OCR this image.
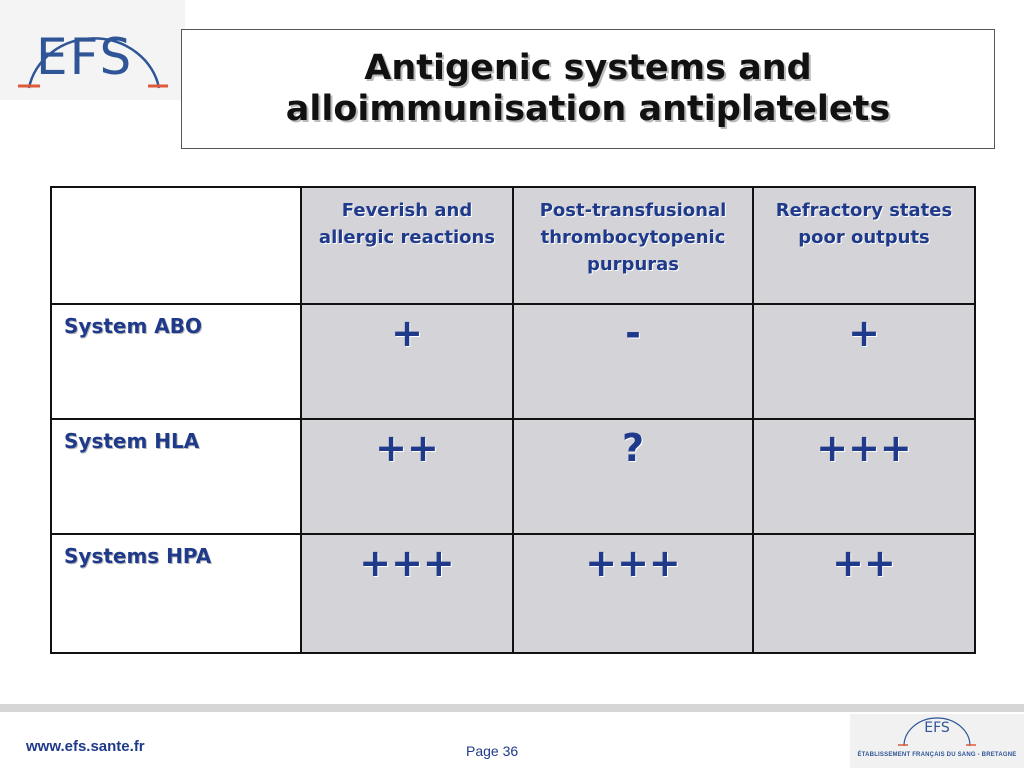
EFS	Antigenic systems and
alloimmunisation antiplatelets

	Feverish and allergic reactions	Post-transfusional thrombocytopenic purpuras	Refractory states poor outputs

System ABO	+	-	+

System HLA	++	?	+++

Systems HPA	+++	+++	++
www.efs.sante.fr	Page 36
EFS
ÉTABLISSEMENT FRANÇAIS DU SANG - BRETAGNE
